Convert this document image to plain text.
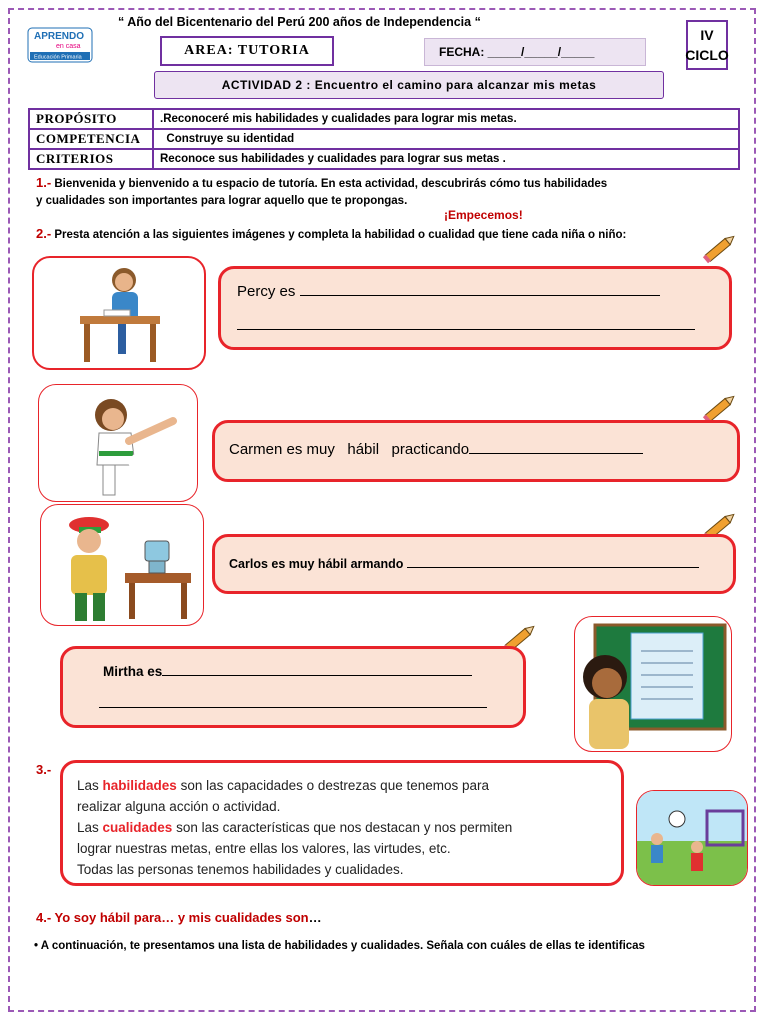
“ Año del Bicentenario del Perú 200 años de Independencia “
APRENDO
en casa
Educación Primaria	AREA: TUTORIA	FECHA: _____/_____/_____
IV
CICLO
ACTIVIDAD 2 : Encuentro el camino para alcanzar mis metas
PROPÓSITO	.Reconoceré mis habilidades y cualidades para lograr mis metas.
COMPETENCIA	Construye su identidad
CRITERIOS	Reconoce sus habilidades y cualidades para lograr sus metas .
1.- Bienvenida y bienvenido a tu espacio de tutoría. En esta actividad, descubrirás cómo tus habilidades
y cualidades son importantes para lograr aquello que te propongas.
¡Empecemos!
2.- Presta atención a las siguientes imágenes y completa la habilidad o cualidad que tiene cada niña o niño:
Percy es
Carmen es muy   hábil   practicando
Carlos es muy hábil armando
Mirtha es
3.-
Las habilidades son las capacidades o destrezas que tenemos para
realizar alguna acción o actividad.
Las cualidades son las características que nos destacan y nos permiten
lograr nuestras metas, entre ellas los valores, las virtudes, etc.
Todas las personas tenemos habilidades y cualidades.
4.- Yo soy hábil para… y mis cualidades son…
• A continuación, te presentamos una lista de habilidades y cualidades. Señala con cuáles de ellas te identificas
